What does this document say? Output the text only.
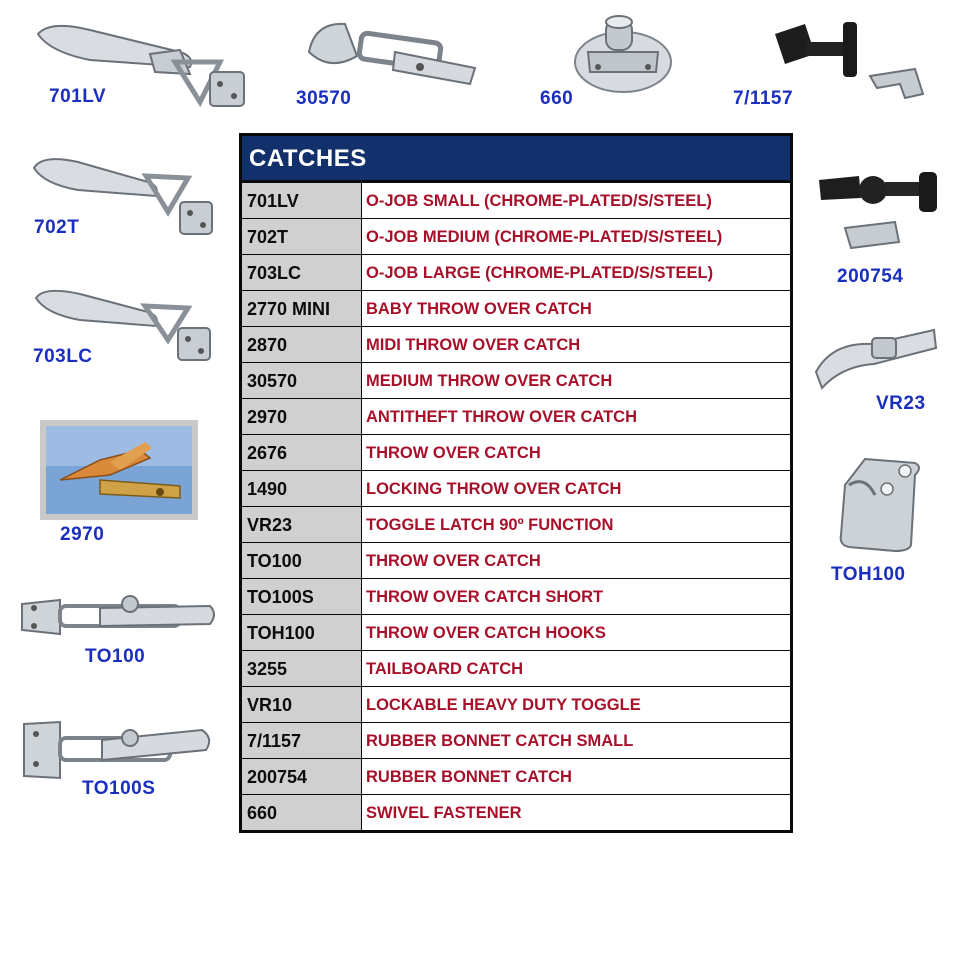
701LV	30570	660	7/1157
702T
703LC
2970
TO100
TO100S
200754
VR23
TOH100
CATCHES
701LV	O-JOB SMALL (CHROME-PLATED/S/STEEL)
702T	O-JOB MEDIUM (CHROME-PLATED/S/STEEL)
703LC	O-JOB LARGE (CHROME-PLATED/S/STEEL)
2770 MINI	BABY THROW OVER CATCH
2870	MIDI THROW OVER CATCH
30570	MEDIUM THROW OVER CATCH
2970	ANTITHEFT THROW OVER CATCH
2676	THROW OVER CATCH
1490	LOCKING THROW OVER CATCH
VR23	TOGGLE LATCH 90º FUNCTION
TO100	THROW OVER CATCH
TO100S	THROW OVER CATCH SHORT
TOH100	THROW OVER CATCH HOOKS
3255	TAILBOARD CATCH
VR10	LOCKABLE HEAVY DUTY TOGGLE
7/1157	RUBBER BONNET CATCH SMALL
200754	RUBBER BONNET CATCH
660	SWIVEL FASTENER
